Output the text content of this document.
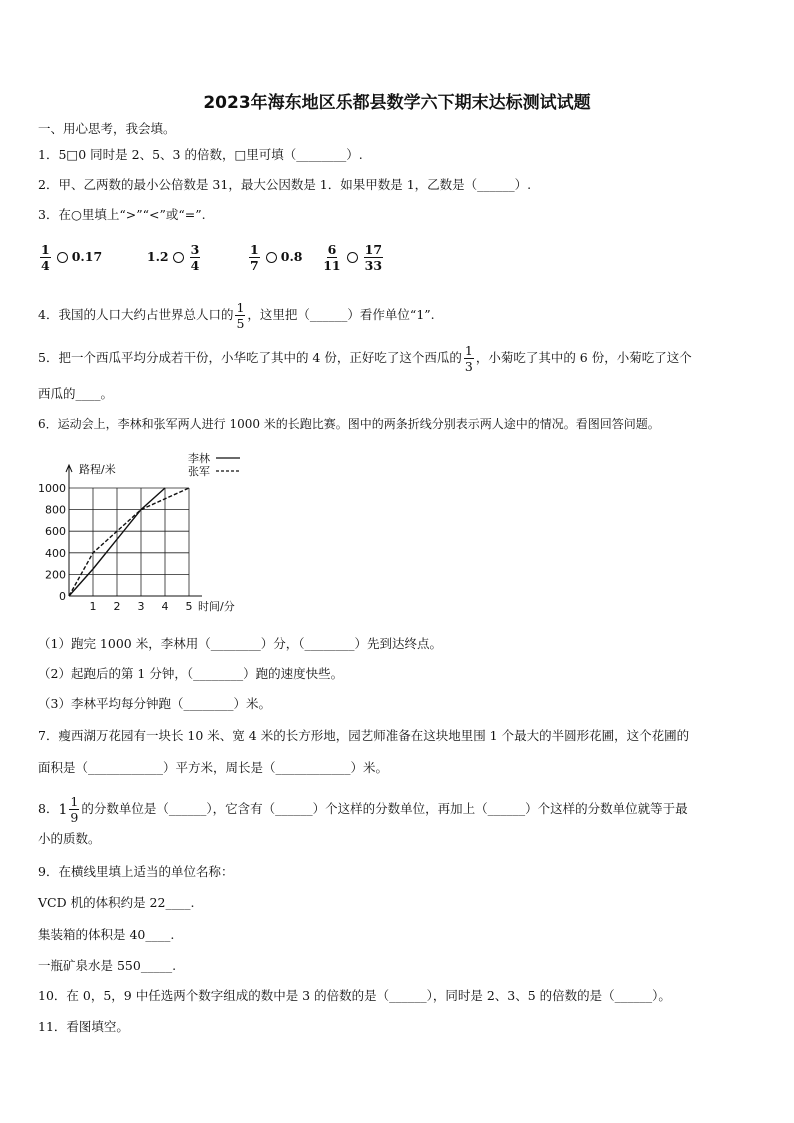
2023年海东地区乐都县数学六下期末达标测试试题
一、用心思考，我会填。
1．5□0 同时是 2、5、3 的倍数，□里可填（________）.
2．甲、乙两数的最小公倍数是 31，最大公因数是 1．如果甲数是 1，乙数是（______）.
3．在○里填上“>”“<”或“=”.
$\frac{1}{4} 0.17$	$1.2 \frac{3}{4}$
	$\frac{1}{7} 0.8 \frac{6}{11} \frac{17}{33}$
4．我国的人口大约占世界总人口的 $\frac{1}{5}$ ，这里把（______）看作单位“1”.
5．把一个西瓜平均分成若干份，小华吃了其中的 4 份，正好吃了这个西瓜的 $\frac{1}{3}$ ，小菊吃了其中的 6 份，小菊吃了这个
西瓜的____。
6．运动会上，李林和张军两人进行 1000 米的长跑比赛。图中的两条折线分别表示两人途中的情况。看图回答问题。
1 2 3 4 5
0
200
400
600
800
1000
路程/米
时间/分
李林
张军
（1）跑完 1000 米，李林用（________）分，（________）先到达终点。
（2）起跑后的第 1 分钟，（________）跑的速度快些。
（3）李林平均每分钟跑（________）米。
7．瘦西湖万花园有一块长 10 米、宽 4 米的长方形地，园艺师准备在这块地里围 1 个最大的半圆形花圃，这个花圃的
面积是（____________）平方米，周长是（____________）米。
8． $1 \frac{1}{9}$ 的分数单位是（______），它含有（______）个这样的分数单位，再加上（______）个这样的分数单位就等于最
小的质数。
9．在横线里填上适当的单位名称：
VCD 机的体积约是 22____.
集装箱的体积是 40____.
一瓶矿泉水是 550_____.
10．在 0，5，9 中任选两个数字组成的数中是 3 的倍数的是（______），同时是 2、3、5 的倍数的是（______）。
11．看图填空。
